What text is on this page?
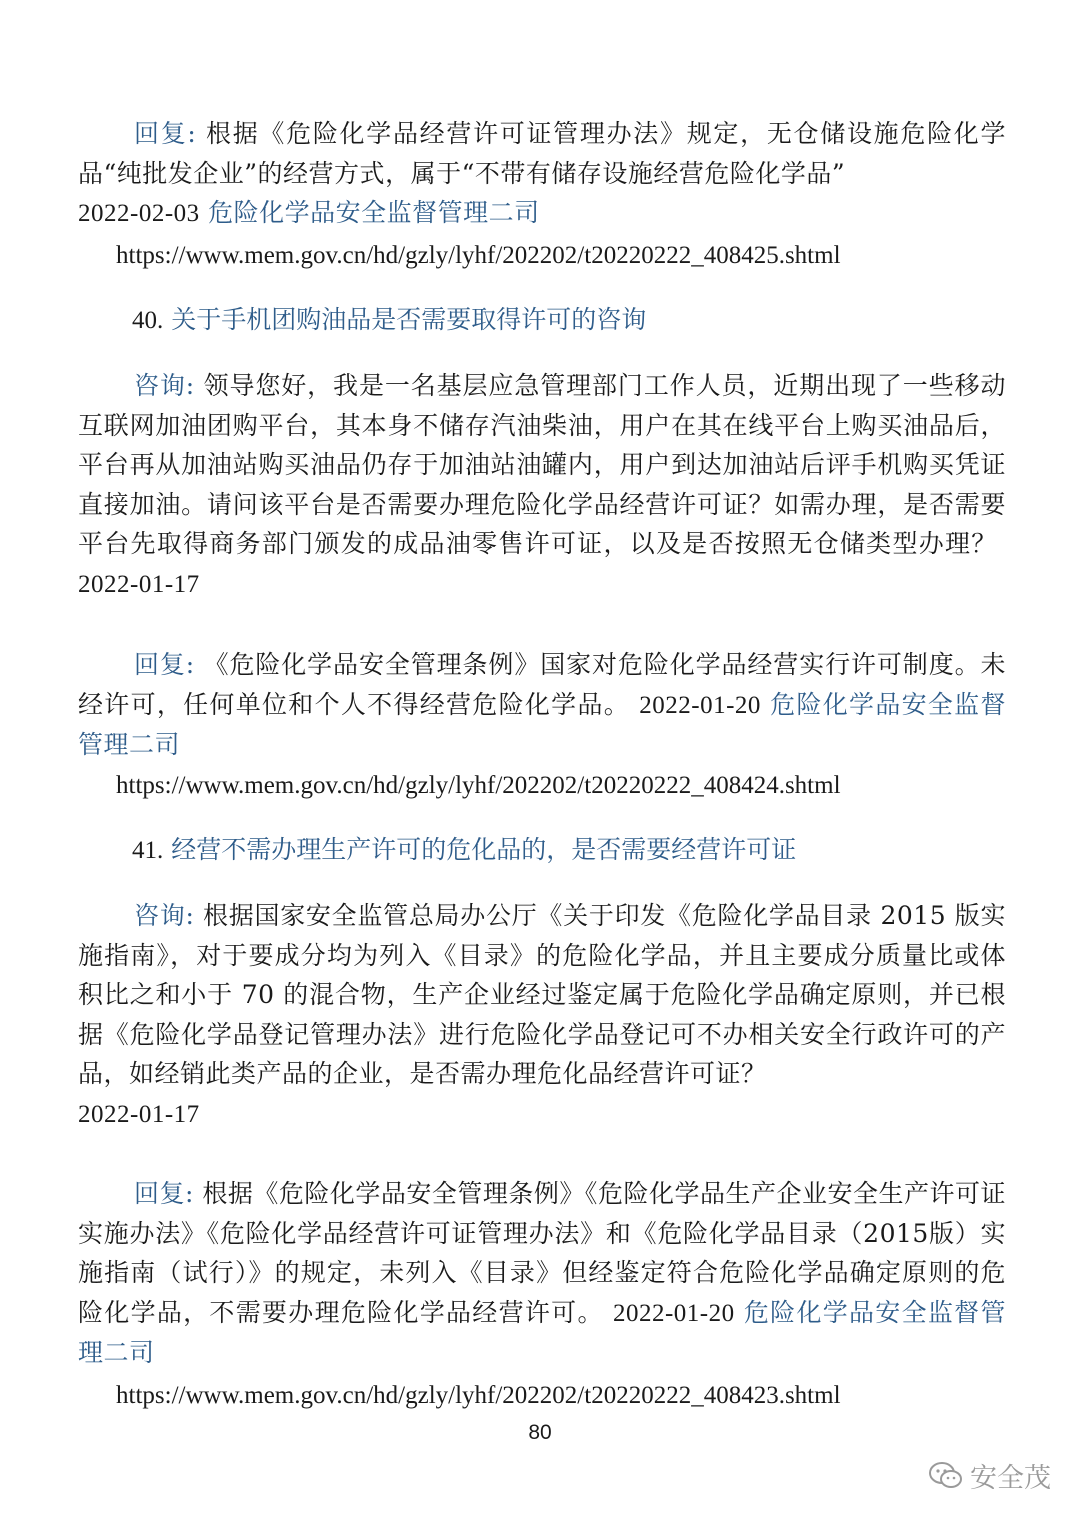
回复: 根据《危险化学品经营许可证管理办法》规定，无仓储设施危险化学品“纯批发企业”的经营方式，属于“不带有储存设施经营危险化学品”
2022-02-03 危险化学品安全监督管理二司
https://www.mem.gov.cn/hd/gzly/lyhf/202202/t20220222_408425.shtml
40. 关于手机团购油品是否需要取得许可的咨询
咨询: 领导您好，我是一名基层应急管理部门工作人员，近期出现了一些移动互联网加油团购平台，其本身不储存汽油柴油，用户在其在线平台上购买油品后，平台再从加油站购买油品仍存于加油站油罐内，用户到达加油站后评手机购买凭证直接加油。请问该平台是否需要办理危险化学品经营许可证？如需办理，是否需要平台先取得商务部门颁发的成品油零售许可证，以及是否按照无仓储类型办理？  2022-01-17
回复: 《危险化学品安全管理条例》国家对危险化学品经营实行许可制度。未经许可，任何单位和个人不得经营危险化学品。 2022-01-20 危险化学品安全监督管理二司
https://www.mem.gov.cn/hd/gzly/lyhf/202202/t20220222_408424.shtml
41. 经营不需办理生产许可的危化品的，是否需要经营许可证
咨询: 根据国家安全监管总局办公厅《关于印发《危险化学品目录 2015 版实施指南》，对于要成分均为列入《目录》的危险化学品，并且主要成分质量比或体积比之和小于 70 的混合物，生产企业经过鉴定属于危险化学品确定原则，并已根据《危险化学品登记管理办法》进行危险化学品登记可不办相关安全行政许可的产品，如经销此类产品的企业，是否需办理危化品经营许可证？
2022-01-17
回复: 根据《危险化学品安全管理条例》《危险化学品生产企业安全生产许可证实施办法》《危险化学品经营许可证管理办法》和《危险化学品目录（2015版）实施指南（试行）》的规定，未列入《目录》但经鉴定符合危险化学品确定原则的危险化学品，不需要办理危险化学品经营许可。 2022-01-20 危险化学品安全监督管理二司
https://www.mem.gov.cn/hd/gzly/lyhf/202202/t20220222_408423.shtml
80
安全茂
